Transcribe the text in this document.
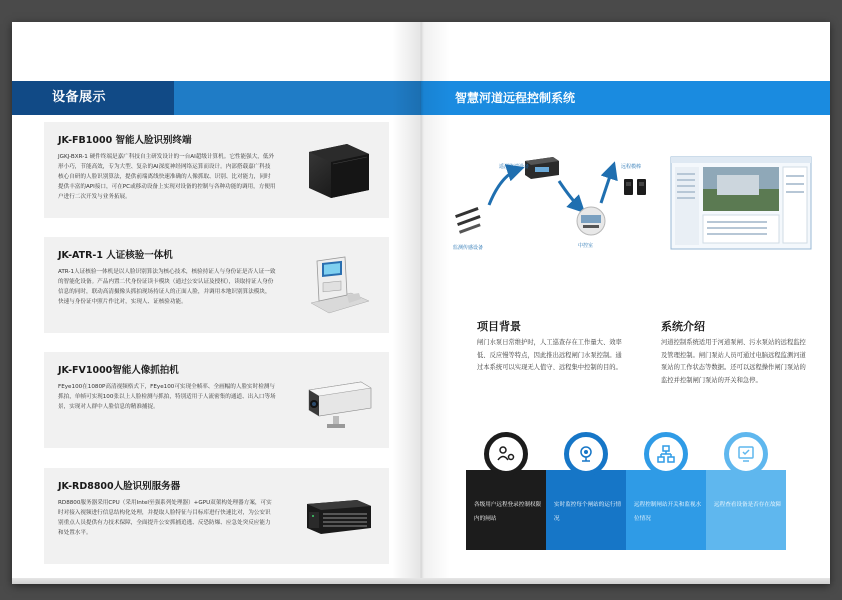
设备展示
JK-FB1000 智能人脸识别终端
JGKJ-BXR-1 硬件终端是嘉广科技自主研发设计的一台AI超级计算机。它性能强大，低外形小巧，节能高效，专为大型、复杂的AI深度神经网络运算而设计。内部搭载嘉广科技核心自研的人脸识别算法，提供前端离线快速准确的人像抓取、识别、比对能力，同时提供丰富的API接口，可在PC或移动设备上实现对设备的控制与各种功能的调用，方便用户进行二次开发与业务拓展。
JK-ATR-1 人证核验一体机
ATR-1人证核验一体机是以人脸识别算法为核心技术，核验持证人与身份证是否人证一致的智能化设备。产品内置二代身份证读卡模块（通过公安认证及授权），读取持证人身份信息的同时，联动高清摄像头抓拍现场持证人的正面人脸，并调用本地识别算法模块，快速与身份证中照片作比对，实现人、证核验功能。
JK-FV1000智能人像抓拍机
FEye100在1080P高清视频格式下，FEye100可实现全帧率、全画幅的人脸实时检测与抓拍，单帧可实现100张以上人脸检测与抓拍，特别适用于人流密集的通道、出入口等场景，实现对人群中人脸信息的精准捕捉。
JK-RD8800人脸识别服务器
RD8800服务器采用CPU（采用Intel至强系列处理器）+GPU双架构处理器方案，可实时对接入视频进行信息结构化处理，并提取人脸特征与目标库进行快速比对，为公安识别重点人员提供有力技术保障，全面提升公安抓捕追逃、反恐防爆、应急处突反应能力和处置水平。
智慧河道远程控制系统
遥测终端设备	远程模棒
监测传感设备	中控室
项目背景
闸门水泵日常维护时，人工巡查存在工作量大、效率低、反应慢等特点，因此推出远程闸门水泵控制。通过本系统可以实现无人值守、远程集中控制的目的。
系统介绍
河道控制系统适用于河道泵闸、污水泵站的远程监控及管理控制。闸门泵站人员可通过电脑远程监测河道 泵站的工作状态等数据。还可以远程操作闸门泵站的监控并控制闸门泵站的开关和急停。
各级用户远程登录控制权限内的闸站
实时监控每个闸站的运行情况
远程控制闸站开关和监视水位情况
远程查看设备是否存在故障
